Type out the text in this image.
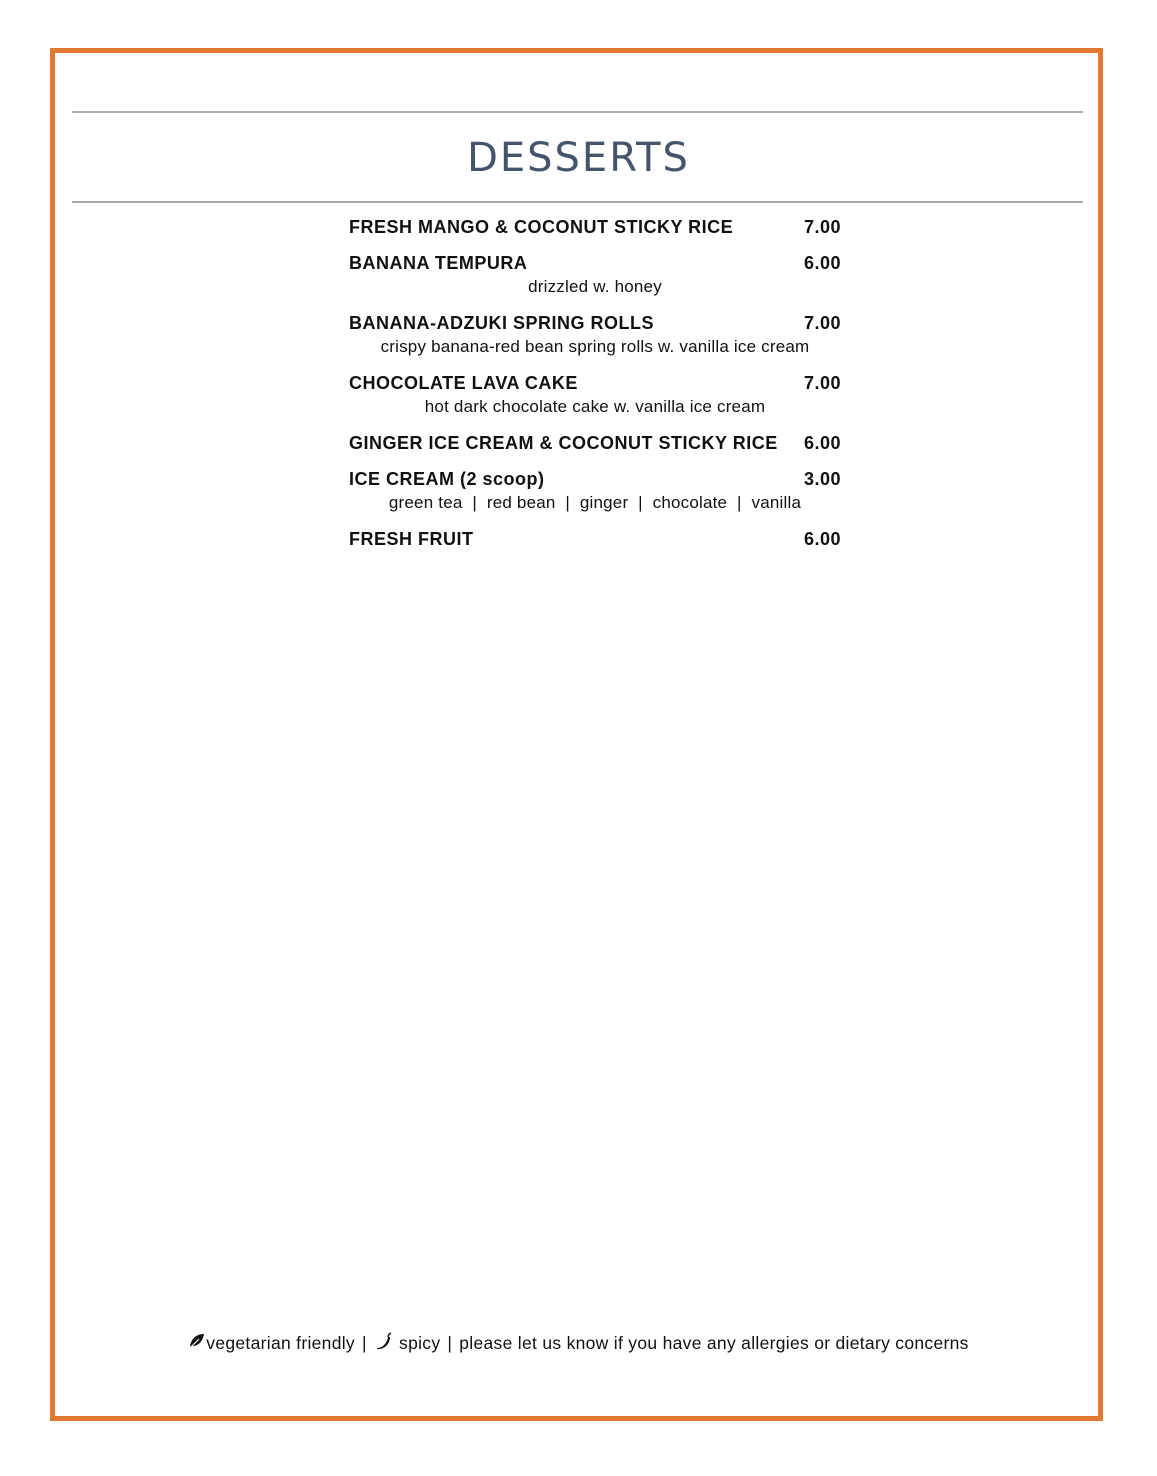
DESSERTS
FRESH MANGO & COCONUT STICKY RICE	7.00
BANANA TEMPURA	6.00
drizzled w. honey
BANANA-ADZUKI SPRING ROLLS	7.00
crispy banana-red bean spring rolls w. vanilla ice cream
CHOCOLATE LAVA CAKE	7.00
hot dark chocolate cake w. vanilla ice cream
GINGER ICE CREAM & COCONUT STICKY RICE 6.00
ICE CREAM (2 scoop)	3.00
green tea  |  red bean  |  ginger  |  chocolate  |  vanilla
FRESH FRUIT	6.00
vegetarian friendly | spicy | please let us know if you have any allergies or dietary concerns
